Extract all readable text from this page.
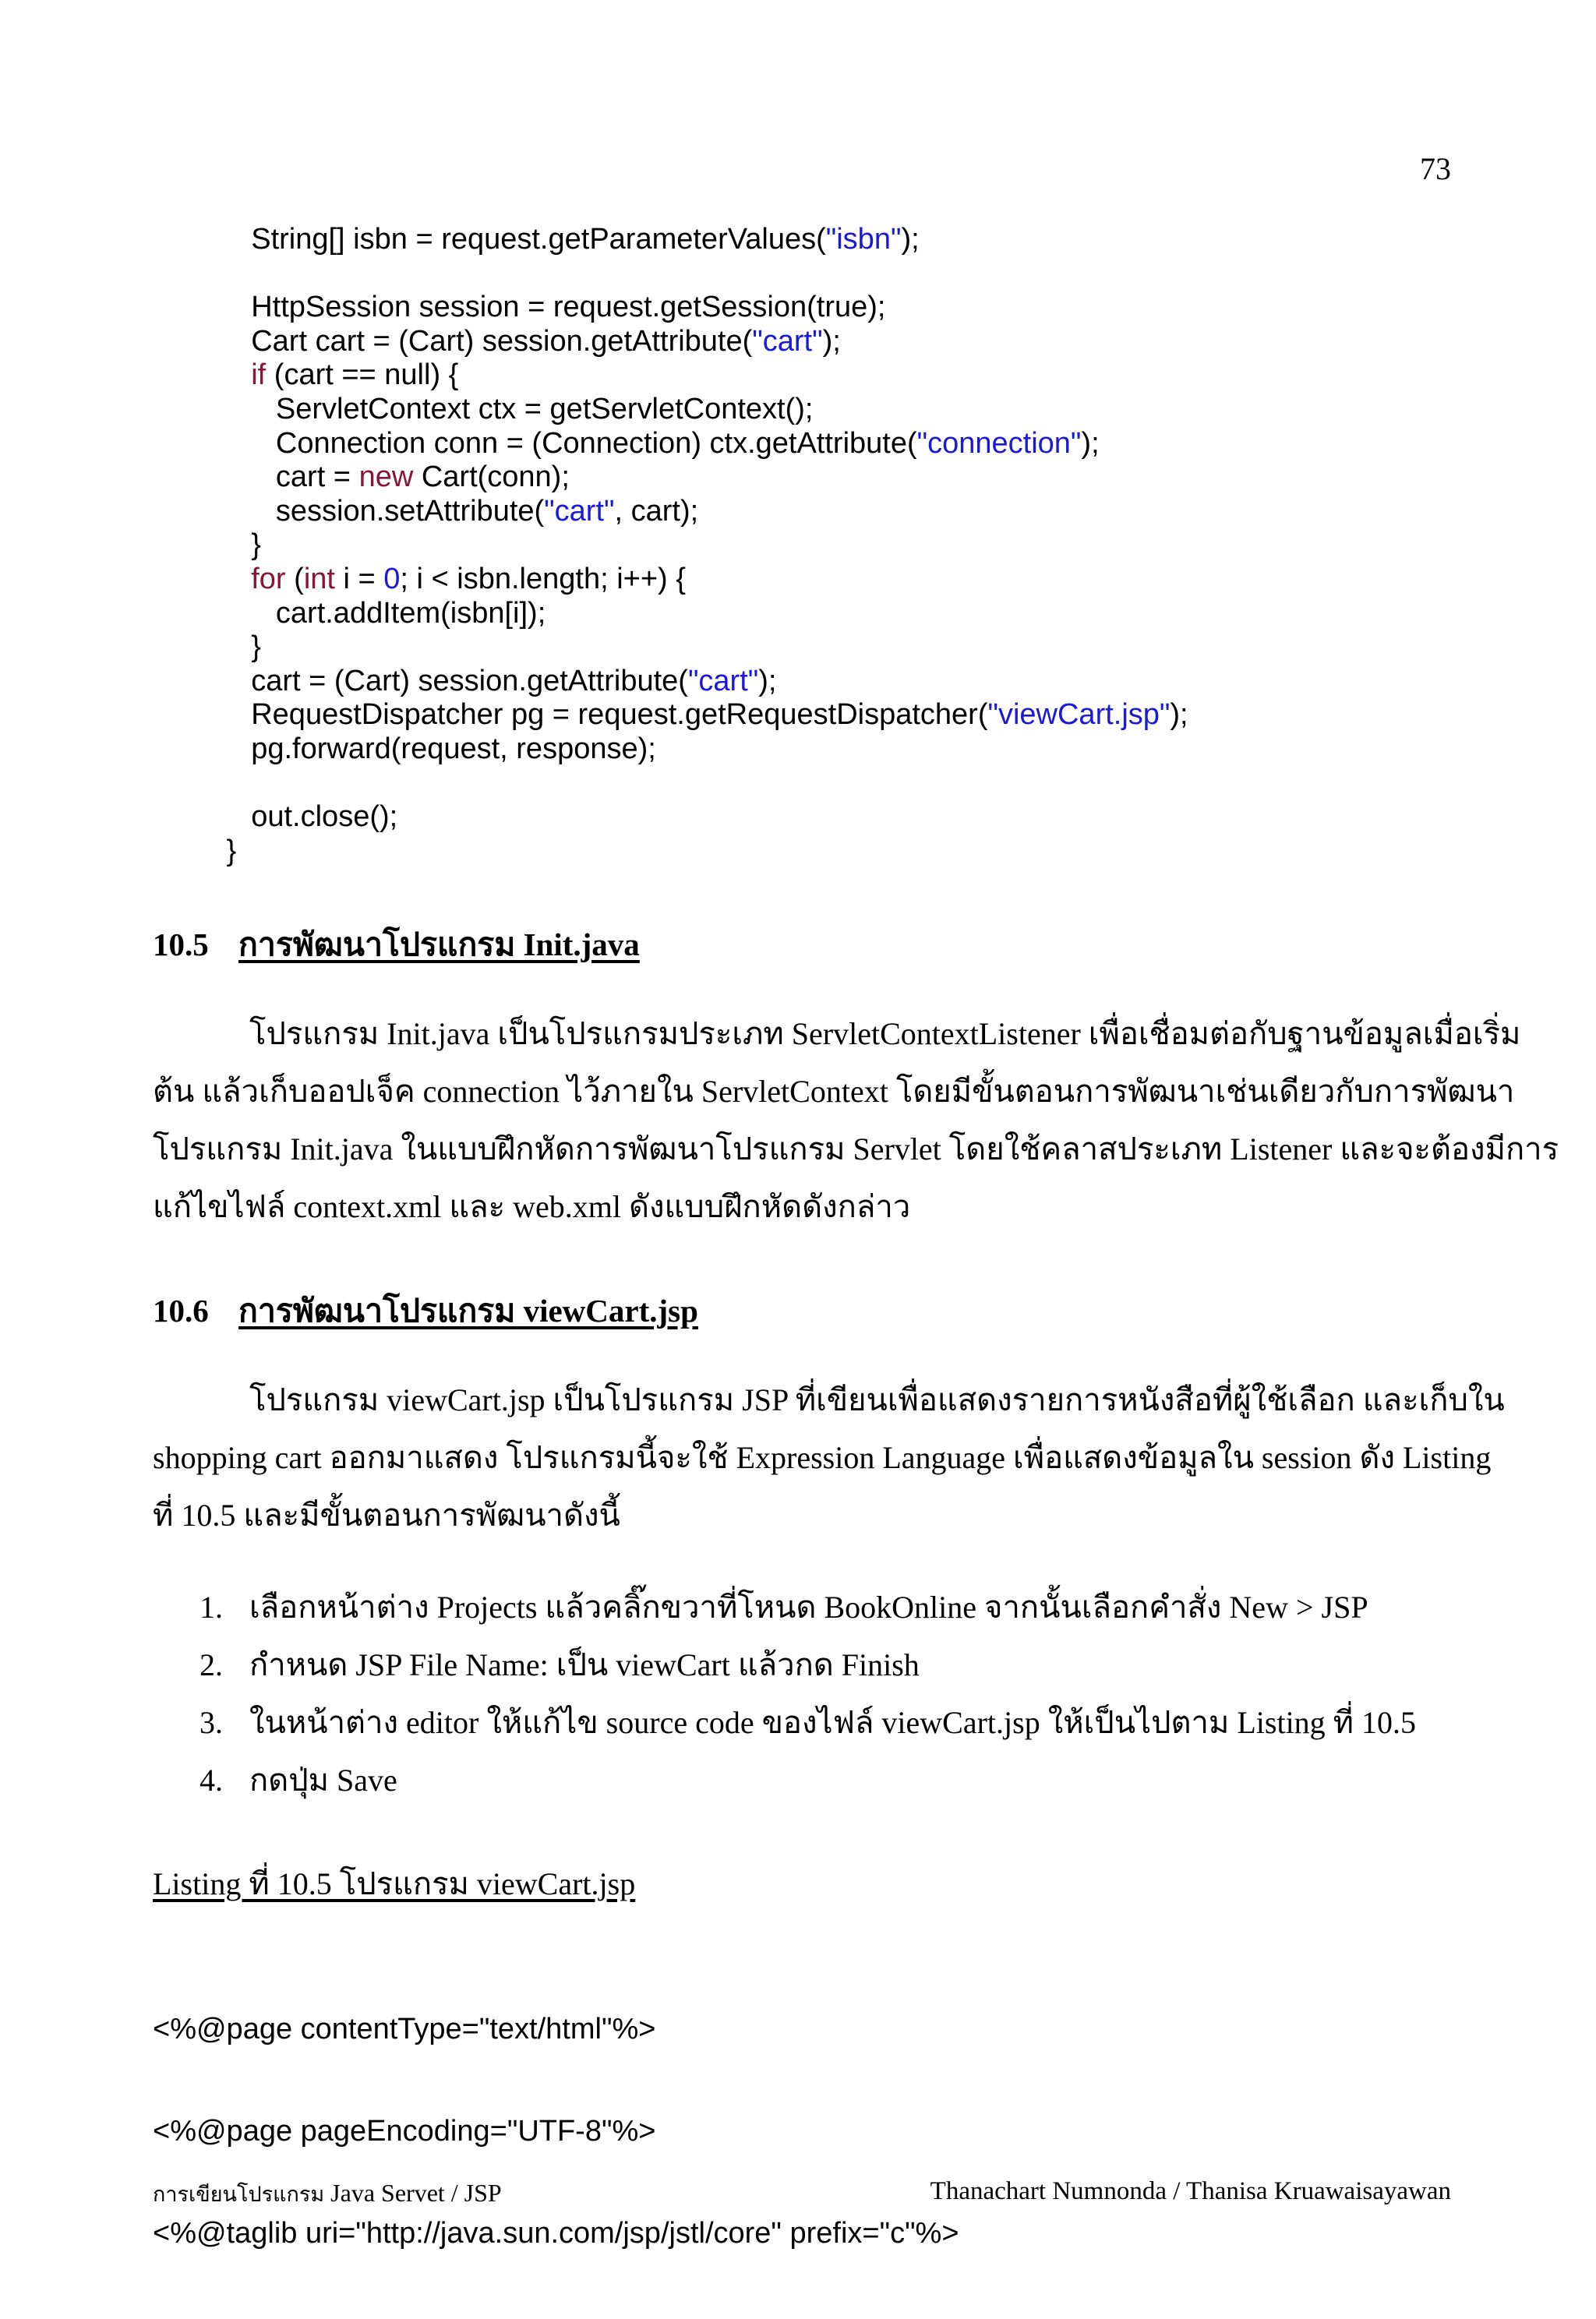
73
String[] isbn = request.getParameterValues("isbn");
HttpSession session = request.getSession(true);
Cart cart = (Cart) session.getAttribute("cart");
if (cart == null) {
ServletContext ctx = getServletContext();
Connection conn = (Connection) ctx.getAttribute("connection");
cart = new Cart(conn);
session.setAttribute("cart", cart);
}
for (int i = 0; i < isbn.length; i++) {
cart.addItem(isbn[i]);
}
cart = (Cart) session.getAttribute("cart");
RequestDispatcher pg = request.getRequestDispatcher("viewCart.jsp");
pg.forward(request, response);
out.close();
}
10.5 การพัฒนาโปรแกรม Init.java
โปรแกรม Init.java เป็นโปรแกรมประเภท ServletContextListener เพื่อเชื่อมต่อกับฐานข้อมูลเมื่อเริ่ม
ต้น แล้วเก็บออปเจ็ค connection ไว้ภายใน ServletContext โดยมีขั้นตอนการพัฒนาเช่นเดียวกับการพัฒนา
โปรแกรม Init.java ในแบบฝึกหัดการพัฒนาโปรแกรม Servlet โดยใช้คลาสประเภท Listener และจะต้องมีการ
แก้ไขไฟล์ context.xml และ web.xml ดังแบบฝึกหัดดังกล่าว
10.6 การพัฒนาโปรแกรม viewCart.jsp
โปรแกรม viewCart.jsp เป็นโปรแกรม JSP ที่เขียนเพื่อแสดงรายการหนังสือที่ผู้ใช้เลือก และเก็บใน
shopping cart ออกมาแสดง โปรแกรมนี้จะใช้ Expression Language เพื่อแสดงข้อมูลใน session ดัง Listing
ที่ 10.5 และมีขั้นตอนการพัฒนาดังนี้
1. เลือกหน้าต่าง Projects แล้วคลิ๊กขวาที่โหนด BookOnline จากนั้นเลือกคำสั่ง New > JSP
2. กำหนด JSP File Name: เป็น viewCart แล้วกด Finish
3. ในหน้าต่าง editor ให้แก้ไข source code ของไฟล์ viewCart.jsp ให้เป็นไปตาม Listing ที่ 10.5
4. กดปุ่ม Save
Listing ที่ 10.5 โปรแกรม viewCart.jsp

<%@page contentType="text/html"%>

<%@page pageEncoding="UTF-8"%>

<%@taglib uri="http://java.sun.com/jsp/jstl/core" prefix="c"%>

การเขียนโปรแกรม Java Servet / JSP	Thanachart Numnonda / Thanisa Kruawaisayawan
